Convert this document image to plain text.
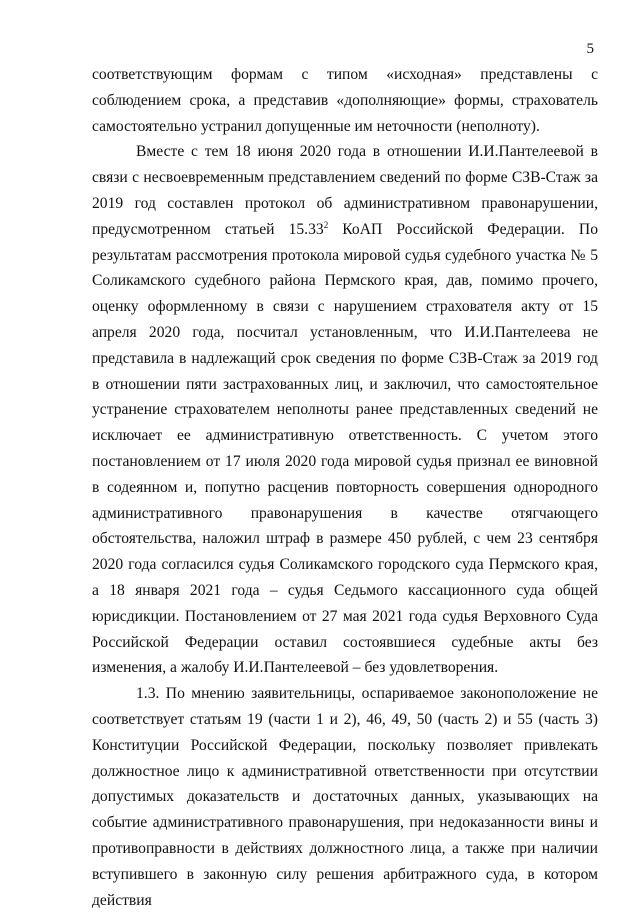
5

соответствующим формам с типом «исходная» представлены с соблюдением срока, а представив «дополняющие» формы, страхователь самостоятельно устранил допущенные им неточности (неполноту).

Вместе с тем 18 июня 2020 года в отношении И.И.Пантелеевой в связи с несвоевременным представлением сведений по форме СЗВ-Стаж за 2019 год составлен протокол об административном правонарушении, предусмотренном статьей 15.33$^2$ КоАП Российской Федерации. По результатам рассмотрения протокола мировой судья судебного участка № 5 Соликамского судебного района Пермского края, дав, помимо прочего, оценку оформленному в связи с нарушением страхователя акту от 15 апреля 2020 года, посчитал установленным, что И.И.Пантелеева не представила в надлежащий срок сведения по форме СЗВ-Стаж за 2019 год в отношении пяти застрахованных лиц, и заключил, что самостоятельное устранение страхователем неполноты ранее представленных сведений не исключает ее административную ответственность. С учетом этого постановлением от 17 июля 2020 года мировой судья признал ее виновной в содеянном и, попутно расценив повторность совершения однородного административного правонарушения в качестве отягчающего обстоятельства, наложил штраф в размере 450 рублей, с чем 23 сентября 2020 года согласился судья Соликамского городского суда Пермского края, а 18 января 2021 года – судья Седьмого кассационного суда общей юрисдикции. Постановлением от 27 мая 2021 года судья Верховного Суда Российской Федерации оставил состоявшиеся судебные акты без изменения, а жалобу И.И.Пантелеевой – без удовлетворения.

1.3. По мнению заявительницы, оспариваемое законоположение не соответствует статьям 19 (части 1 и 2), 46, 49, 50 (часть 2) и 55 (часть 3) Конституции Российской Федерации, поскольку позволяет привлекать должностное лицо к административной ответственности при отсутствии допустимых доказательств и достаточных данных, указывающих на событие административного правонарушения, при недоказанности вины и противоправности в действиях должностного лица, а также при наличии вступившего в законную силу решения арбитражного суда, в котором действия
